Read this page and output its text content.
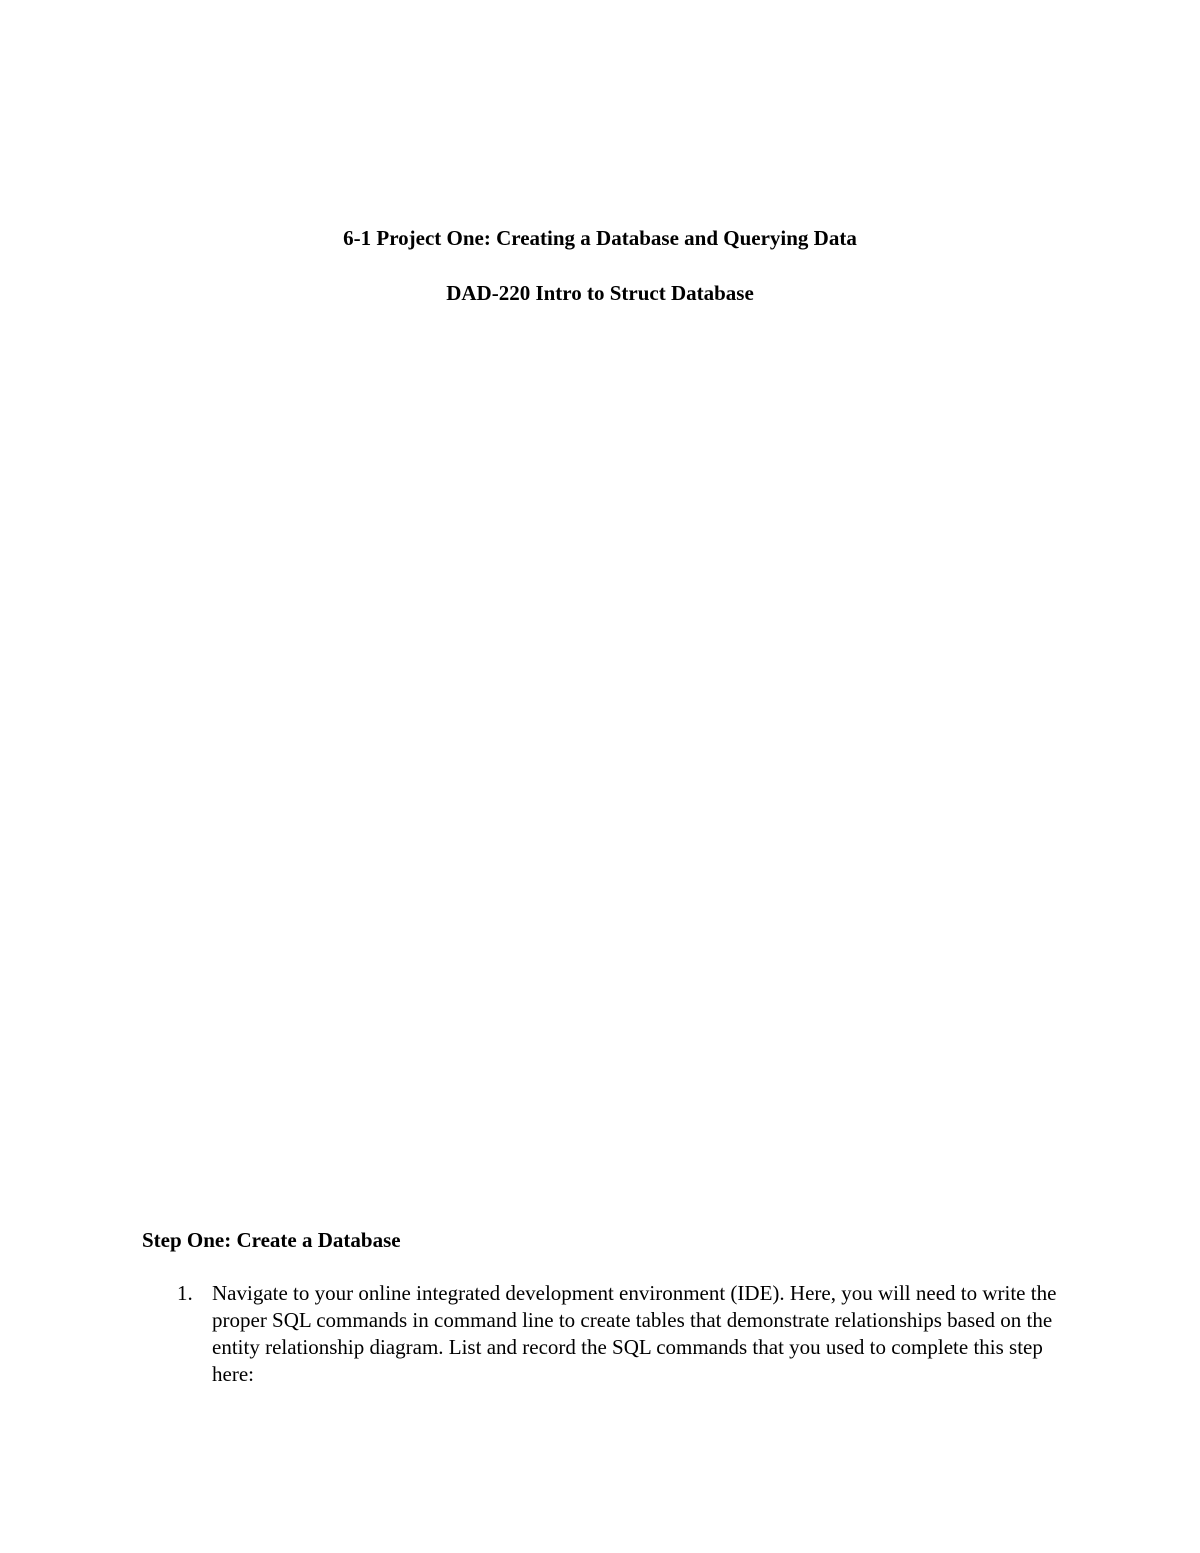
6-1 Project One: Creating a Database and Querying Data
DAD-220 Intro to Struct Database
Step One: Create a Database
1. Navigate to your online integrated development environment (IDE). Here, you will need to write the proper SQL commands in command line to create tables that demonstrate relationships based on the entity relationship diagram. List and record the SQL commands that you used to complete this step here:
